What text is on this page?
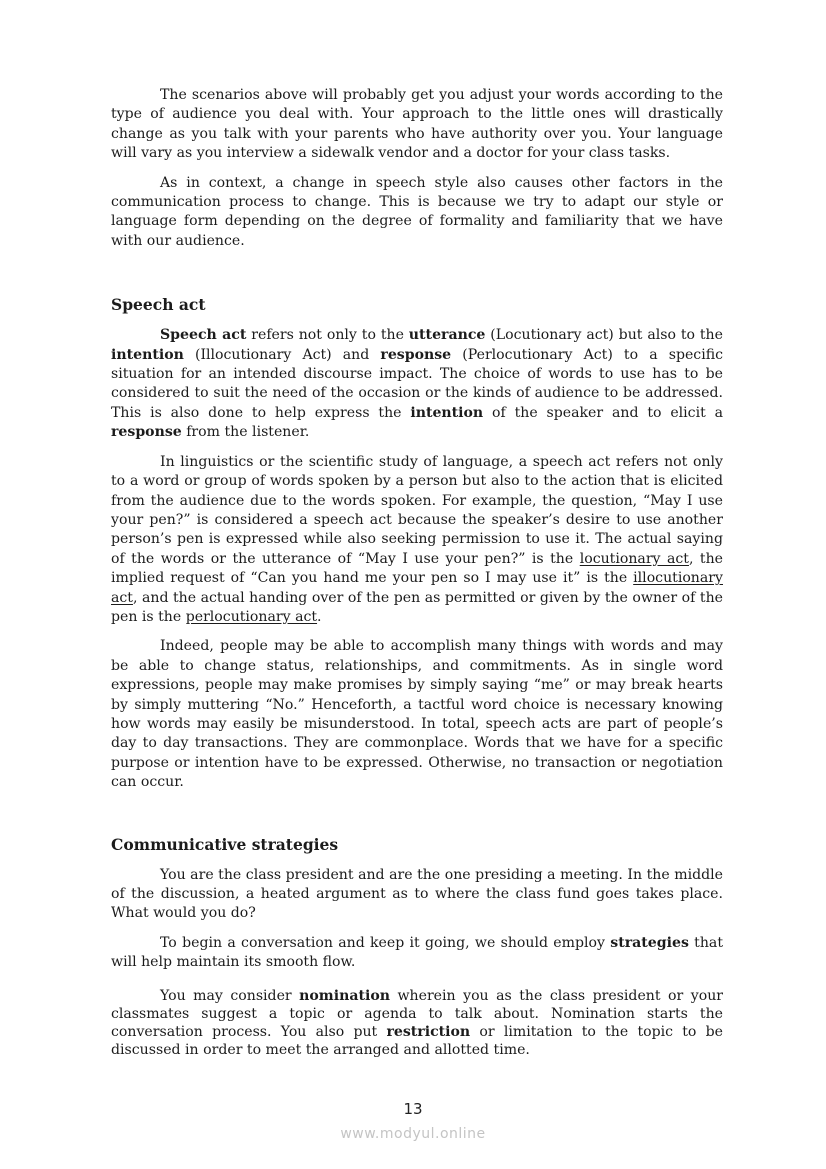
The scenarios above will probably get you adjust your words according to the type of audience you deal with. Your approach to the little ones will drastically change as you talk with your parents who have authority over you. Your language will vary as you interview a sidewalk vendor and a doctor for your class tasks.

As in context, a change in speech style also causes other factors in the communication process to change. This is because we try to adapt our style or language form depending on the degree of formality and familiarity that we have with our audience.

Speech act

Speech act refers not only to the utterance (Locutionary act) but also to the intention (Illocutionary Act) and response (Perlocutionary Act) to a specific situation for an intended discourse impact. The choice of words to use has to be considered to suit the need of the occasion or the kinds of audience to be addressed. This is also done to help express the intention of the speaker and to elicit a response from the listener.

In linguistics or the scientific study of language, a speech act refers not only to a word or group of words spoken by a person but also to the action that is elicited from the audience due to the words spoken. For example, the question, “May I use your pen?” is considered a speech act because the speaker’s desire to use another person’s pen is expressed while also seeking permission to use it. The actual saying of the words or the utterance of “May I use your pen?” is the locutionary act, the implied request of “Can you hand me your pen so I may use it” is the illocutionary act, and the actual handing over of the pen as permitted or given by the owner of the pen is the perlocutionary act.

Indeed, people may be able to accomplish many things with words and may be able to change status, relationships, and commitments. As in single word expressions, people may make promises by simply saying “me” or may break hearts by simply muttering “No.” Henceforth, a tactful word choice is necessary knowing how words may easily be misunderstood. In total, speech acts are part of people’s day to day transactions. They are commonplace. Words that we have for a specific purpose or intention have to be expressed. Otherwise, no transaction or negotiation can occur.

Communicative strategies

You are the class president and are the one presiding a meeting. In the middle of the discussion, a heated argument as to where the class fund goes takes place. What would you do?

To begin a conversation and keep it going, we should employ strategies that will help maintain its smooth flow.

You may consider nomination wherein you as the class president or your classmates suggest a topic or agenda to talk about. Nomination starts the conversation process. You also put restriction or limitation to the topic to be discussed in order to meet the arranged and allotted time.

13
www.modyul.online
